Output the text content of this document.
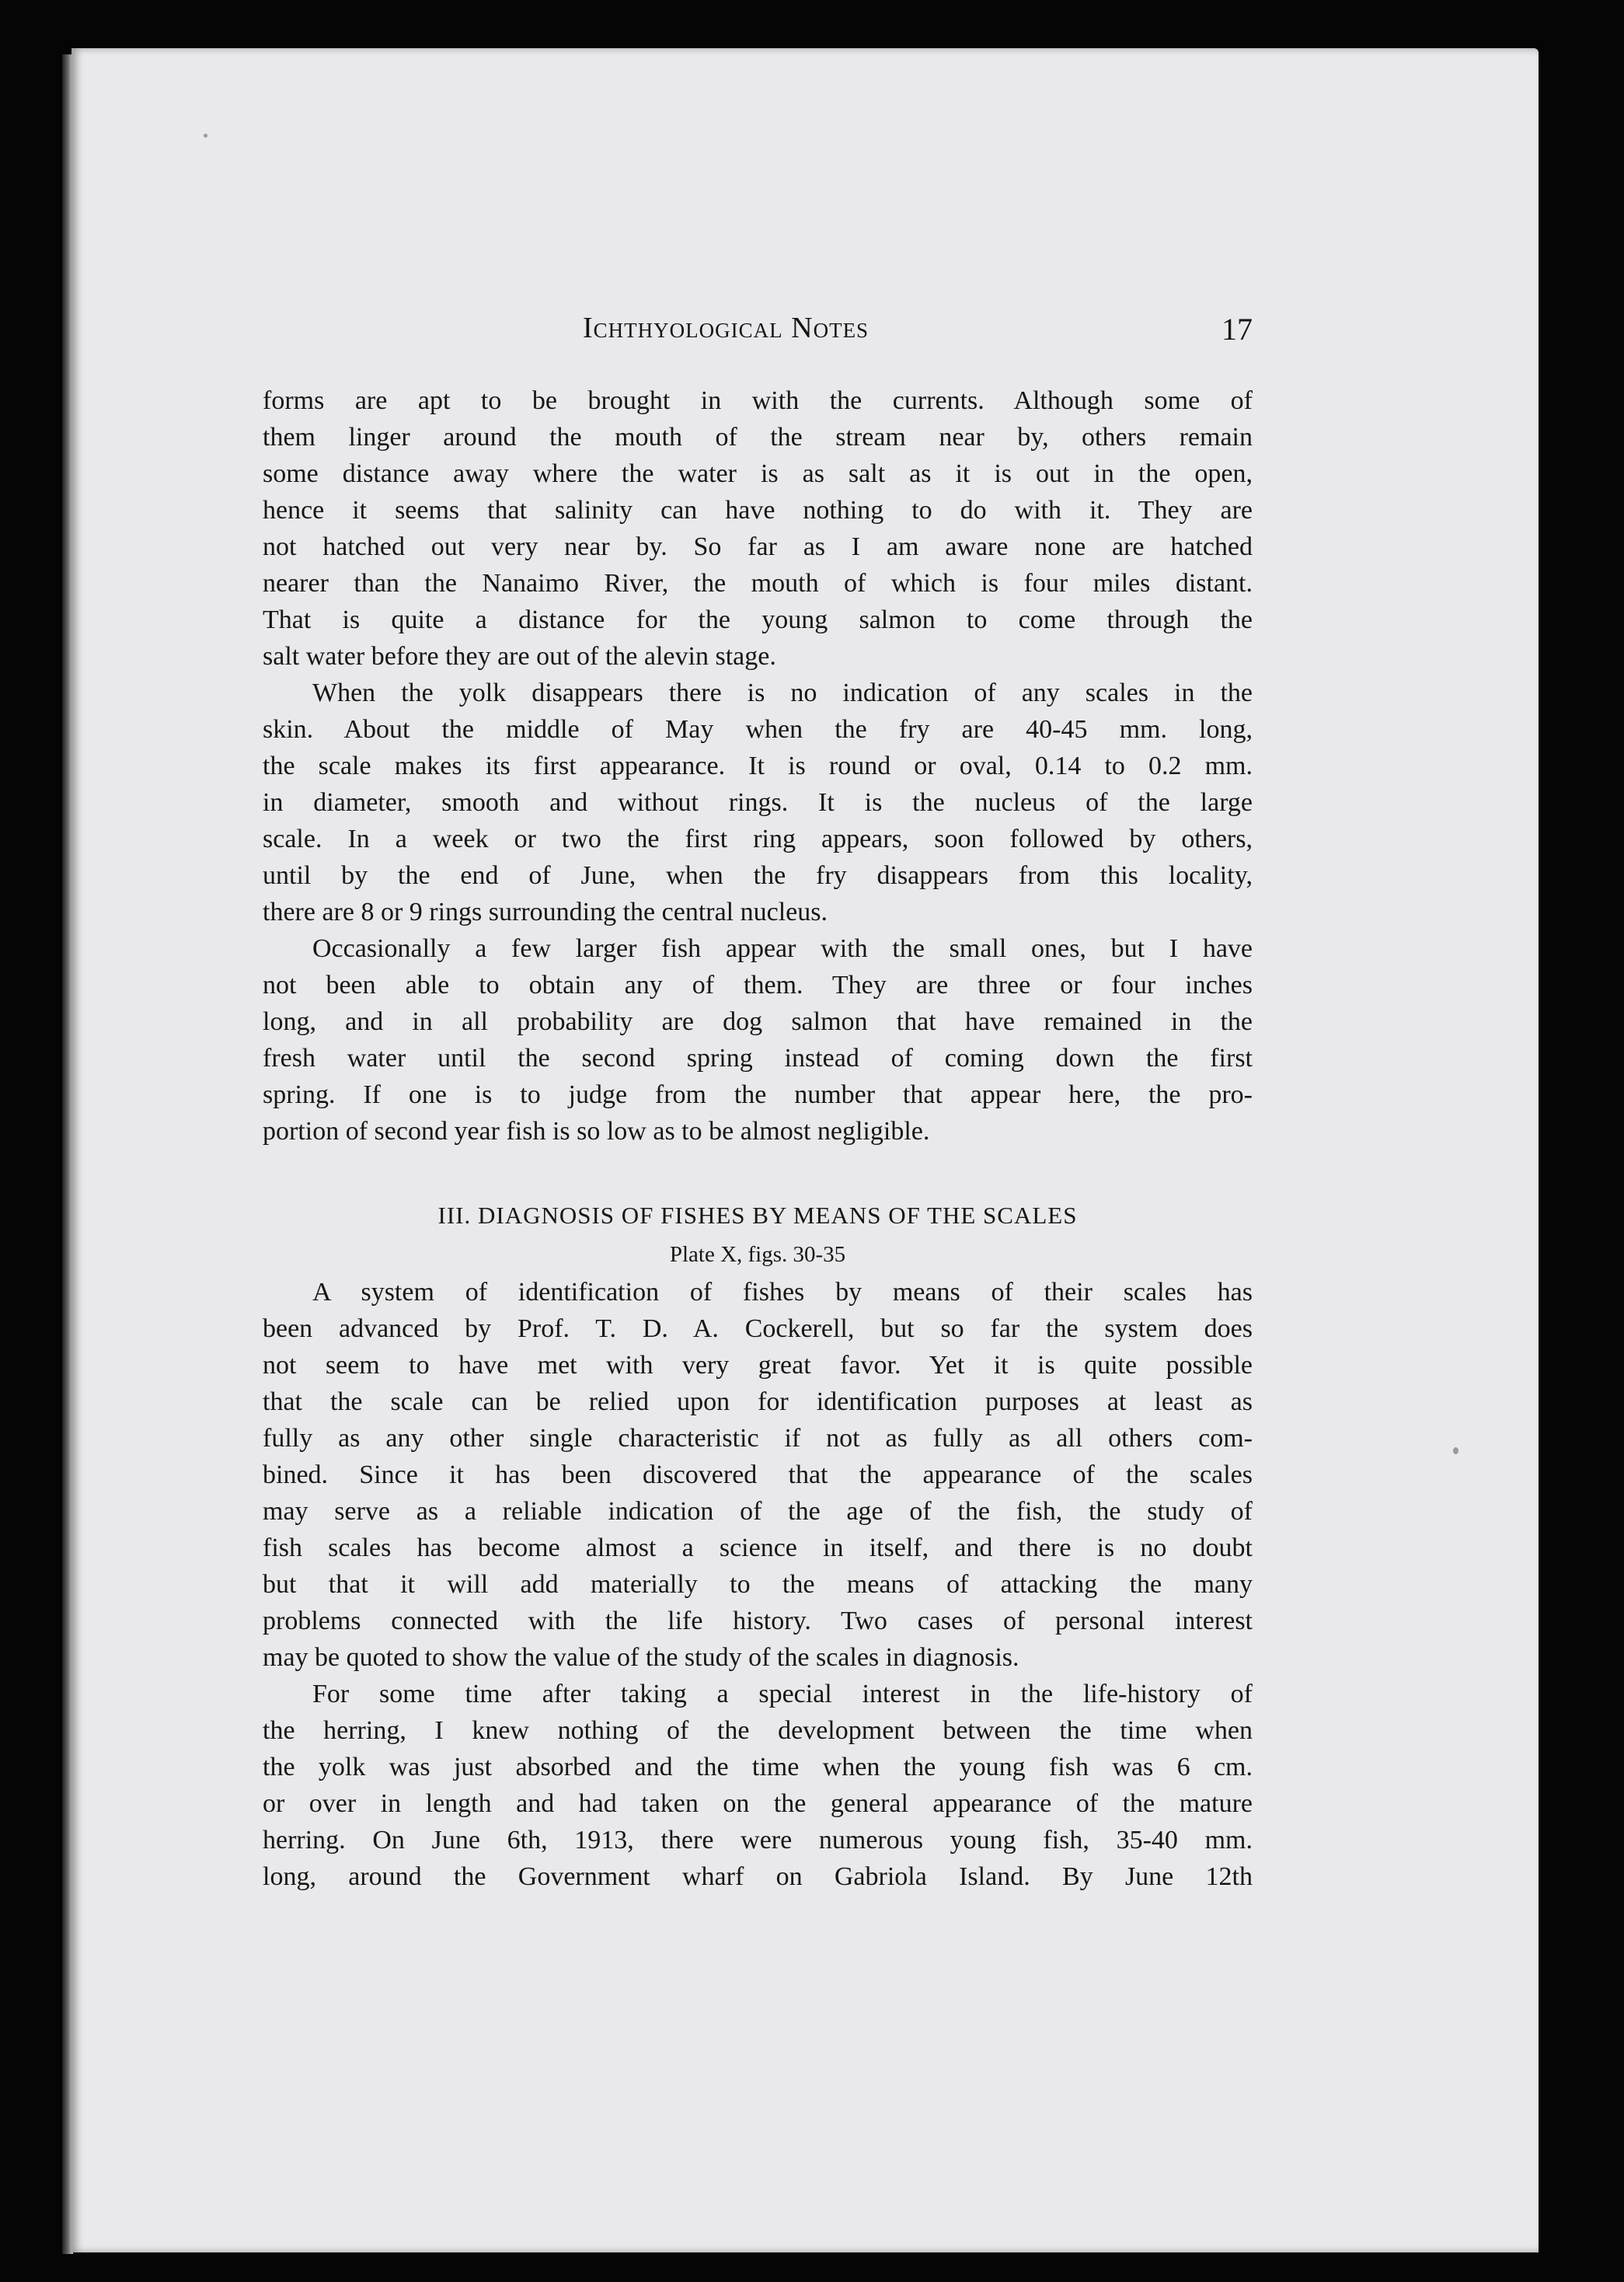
Ichthyological Notes	17
forms are apt to be brought in with the currents. Although some of
them linger around the mouth of the stream near by, others remain
some distance away where the water is as salt as it is out in the open,
hence it seems that salinity can have nothing to do with it. They are
not hatched out very near by. So far as I am aware none are hatched
nearer than the Nanaimo River, the mouth of which is four miles distant.
That is quite a distance for the young salmon to come through the
salt water before they are out of the alevin stage.
When the yolk disappears there is no indication of any scales in the
skin. About the middle of May when the fry are 40-45 mm. long,
the scale makes its first appearance. It is round or oval, 0.14 to 0.2 mm.
in diameter, smooth and without rings. It is the nucleus of the large
scale. In a week or two the first ring appears, soon followed by others,
until by the end of June, when the fry disappears from this locality,
there are 8 or 9 rings surrounding the central nucleus.
Occasionally a few larger fish appear with the small ones, but I have
not been able to obtain any of them. They are three or four inches
long, and in all probability are dog salmon that have remained in the
fresh water until the second spring instead of coming down the first
spring. If one is to judge from the number that appear here, the pro-
portion of second year fish is so low as to be almost negligible.
III. DIAGNOSIS OF FISHES BY MEANS OF THE SCALES
Plate X, figs. 30-35
A system of identification of fishes by means of their scales has
been advanced by Prof. T. D. A. Cockerell, but so far the system does
not seem to have met with very great favor. Yet it is quite possible
that the scale can be relied upon for identification purposes at least as
fully as any other single characteristic if not as fully as all others com-
bined. Since it has been discovered that the appearance of the scales
may serve as a reliable indication of the age of the fish, the study of
fish scales has become almost a science in itself, and there is no doubt
but that it will add materially to the means of attacking the many
problems connected with the life history. Two cases of personal interest
may be quoted to show the value of the study of the scales in diagnosis.
For some time after taking a special interest in the life-history of
the herring, I knew nothing of the development between the time when
the yolk was just absorbed and the time when the young fish was 6 cm.
or over in length and had taken on the general appearance of the mature
herring. On June 6th, 1913, there were numerous young fish, 35-40 mm.
long, around the Government wharf on Gabriola Island. By June 12th
